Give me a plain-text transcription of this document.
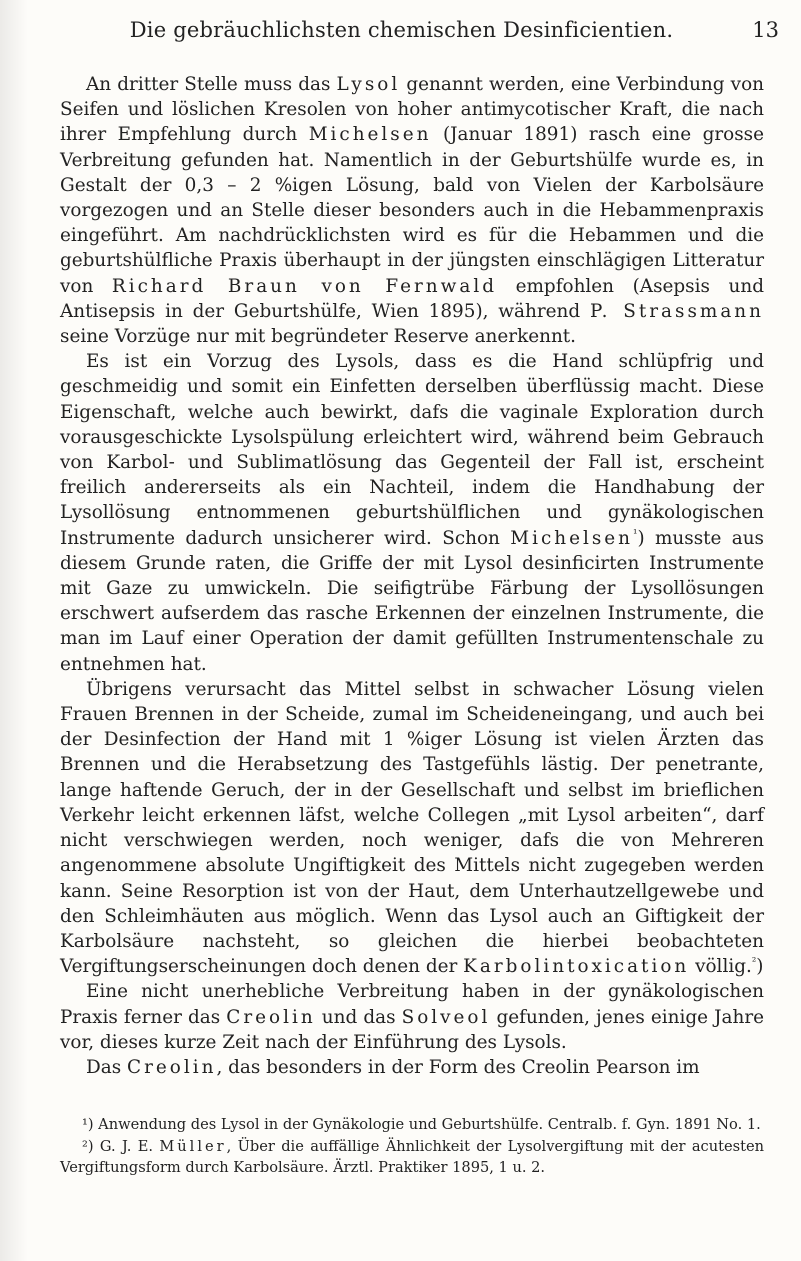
Die gebräuchlichsten chemischen Desinficientien.	13

An dritter Stelle muss das Lysol genannt werden, eine Verbindung von Seifen und löslichen Kresolen von hoher antimycotischer Kraft, die nach ihrer Empfehlung durch Michelsen (Januar 1891) rasch eine grosse Verbreitung gefunden hat. Namentlich in der Geburtshülfe wurde es, in Gestalt der 0,3 – 2 %igen Lösung, bald von Vielen der Karbolsäure vorgezogen und an Stelle dieser besonders auch in die Hebammenpraxis eingeführt. Am nachdrücklichsten wird es für die Hebammen und die geburtshülfliche Praxis überhaupt in der jüngsten einschlägigen Litteratur von Richard Braun von Fernwald empfohlen (Asepsis und Antisepsis in der Geburtshülfe, Wien 1895), während P. Strassmann seine Vorzüge nur mit begründeter Reserve anerkennt.

Es ist ein Vorzug des Lysols, dass es die Hand schlüpfrig und geschmeidig und somit ein Einfetten derselben überflüssig macht. Diese Eigenschaft, welche auch bewirkt, dafs die vaginale Exploration durch vorausgeschickte Lysolspülung erleichtert wird, während beim Gebrauch von Karbol- und Sublimatlösung das Gegenteil der Fall ist, erscheint freilich andererseits als ein Nachteil, indem die Handhabung der Lysollösung entnommenen geburtshülflichen und gynäkologischen Instrumente dadurch unsicherer wird. Schon Michelsen$^{^1}$) musste aus diesem Grunde raten, die Griffe der mit Lysol desinficirten Instrumente mit Gaze zu umwickeln. Die seifigtrübe Färbung der Lysollösungen erschwert aufserdem das rasche Erkennen der einzelnen Instrumente, die man im Lauf einer Operation der damit gefüllten Instrumentenschale zu entnehmen hat.

Übrigens verursacht das Mittel selbst in schwacher Lösung vielen Frauen Brennen in der Scheide, zumal im Scheideneingang, und auch bei der Desinfection der Hand mit 1 %iger Lösung ist vielen Ärzten das Brennen und die Herabsetzung des Tastgefühls lästig. Der penetrante, lange haftende Geruch, der in der Gesellschaft und selbst im brieflichen Verkehr leicht erkennen läfst, welche Collegen „mit Lysol arbeiten“, darf nicht verschwiegen werden, noch weniger, dafs die von Mehreren angenommene absolute Ungiftigkeit des Mittels nicht zugegeben werden kann. Seine Resorption ist von der Haut, dem Unterhautzellgewebe und den Schleimhäuten aus möglich. Wenn das Lysol auch an Giftigkeit der Karbolsäure nachsteht, so gleichen die hierbei beobachteten Vergiftungserscheinungen doch denen der Karbolintoxication völlig.$^{^2}$)

Eine nicht unerhebliche Verbreitung haben in der gynäkologischen Praxis ferner das Creolin und das Solveol gefunden, jenes einige Jahre vor, dieses kurze Zeit nach der Einführung des Lysols.

Das Creolin, das besonders in der Form des Creolin Pearson im

¹) Anwendung des Lysol in der Gynäkologie und Geburtshülfe. Centralb. f. Gyn. 1891 No. 1.

²) G. J. E. Müller, Über die auffällige Ähnlichkeit der Lysolvergiftung mit der acutesten Vergiftungsform durch Karbolsäure. Ärztl. Praktiker 1895, 1 u. 2.
